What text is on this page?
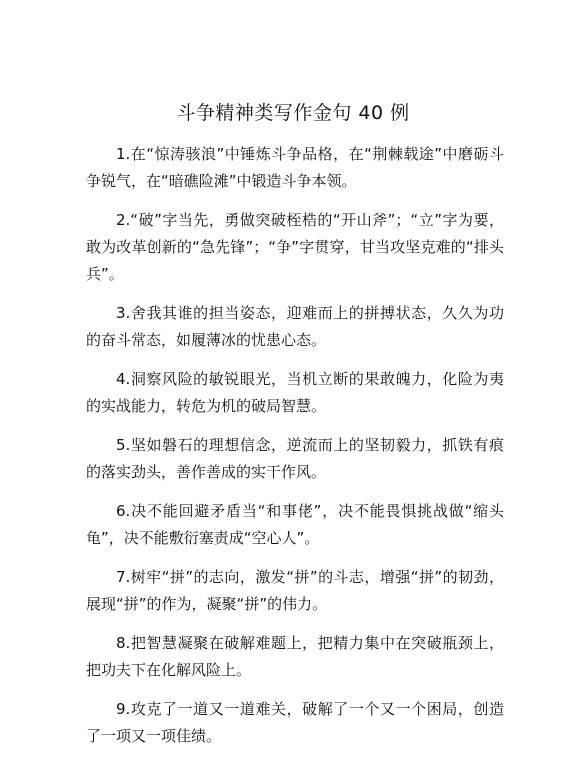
斗争精神类写作金句 40 例

1.在“惊涛骇浪”中锤炼斗争品格，在“荆棘载途”中磨砺斗争锐气，在“暗礁险滩”中锻造斗争本领。

2.“破”字当先，勇做突破桎梏的“开山斧”；“立”字为要，敢为改革创新的“急先锋”；“争”字贯穿，甘当攻坚克难的“排头兵”。

3.舍我其谁的担当姿态，迎难而上的拼搏状态，久久为功的奋斗常态，如履薄冰的忧患心态。

4.洞察风险的敏锐眼光，当机立断的果敢魄力，化险为夷的实战能力，转危为机的破局智慧。

5.坚如磐石的理想信念，逆流而上的坚韧毅力，抓铁有痕的落实劲头，善作善成的实干作风。

6.决不能回避矛盾当“和事佬”，决不能畏惧挑战做“缩头龟”，决不能敷衍塞责成“空心人”。

7.树牢“拼”的志向，激发“拼”的斗志，增强“拼”的韧劲，展现“拼”的作为，凝聚“拼”的伟力。

8.把智慧凝聚在破解难题上，把精力集中在突破瓶颈上，把功夫下在化解风险上。

9.攻克了一道又一道难关，破解了一个又一个困局，创造了一项又一项佳绩。
